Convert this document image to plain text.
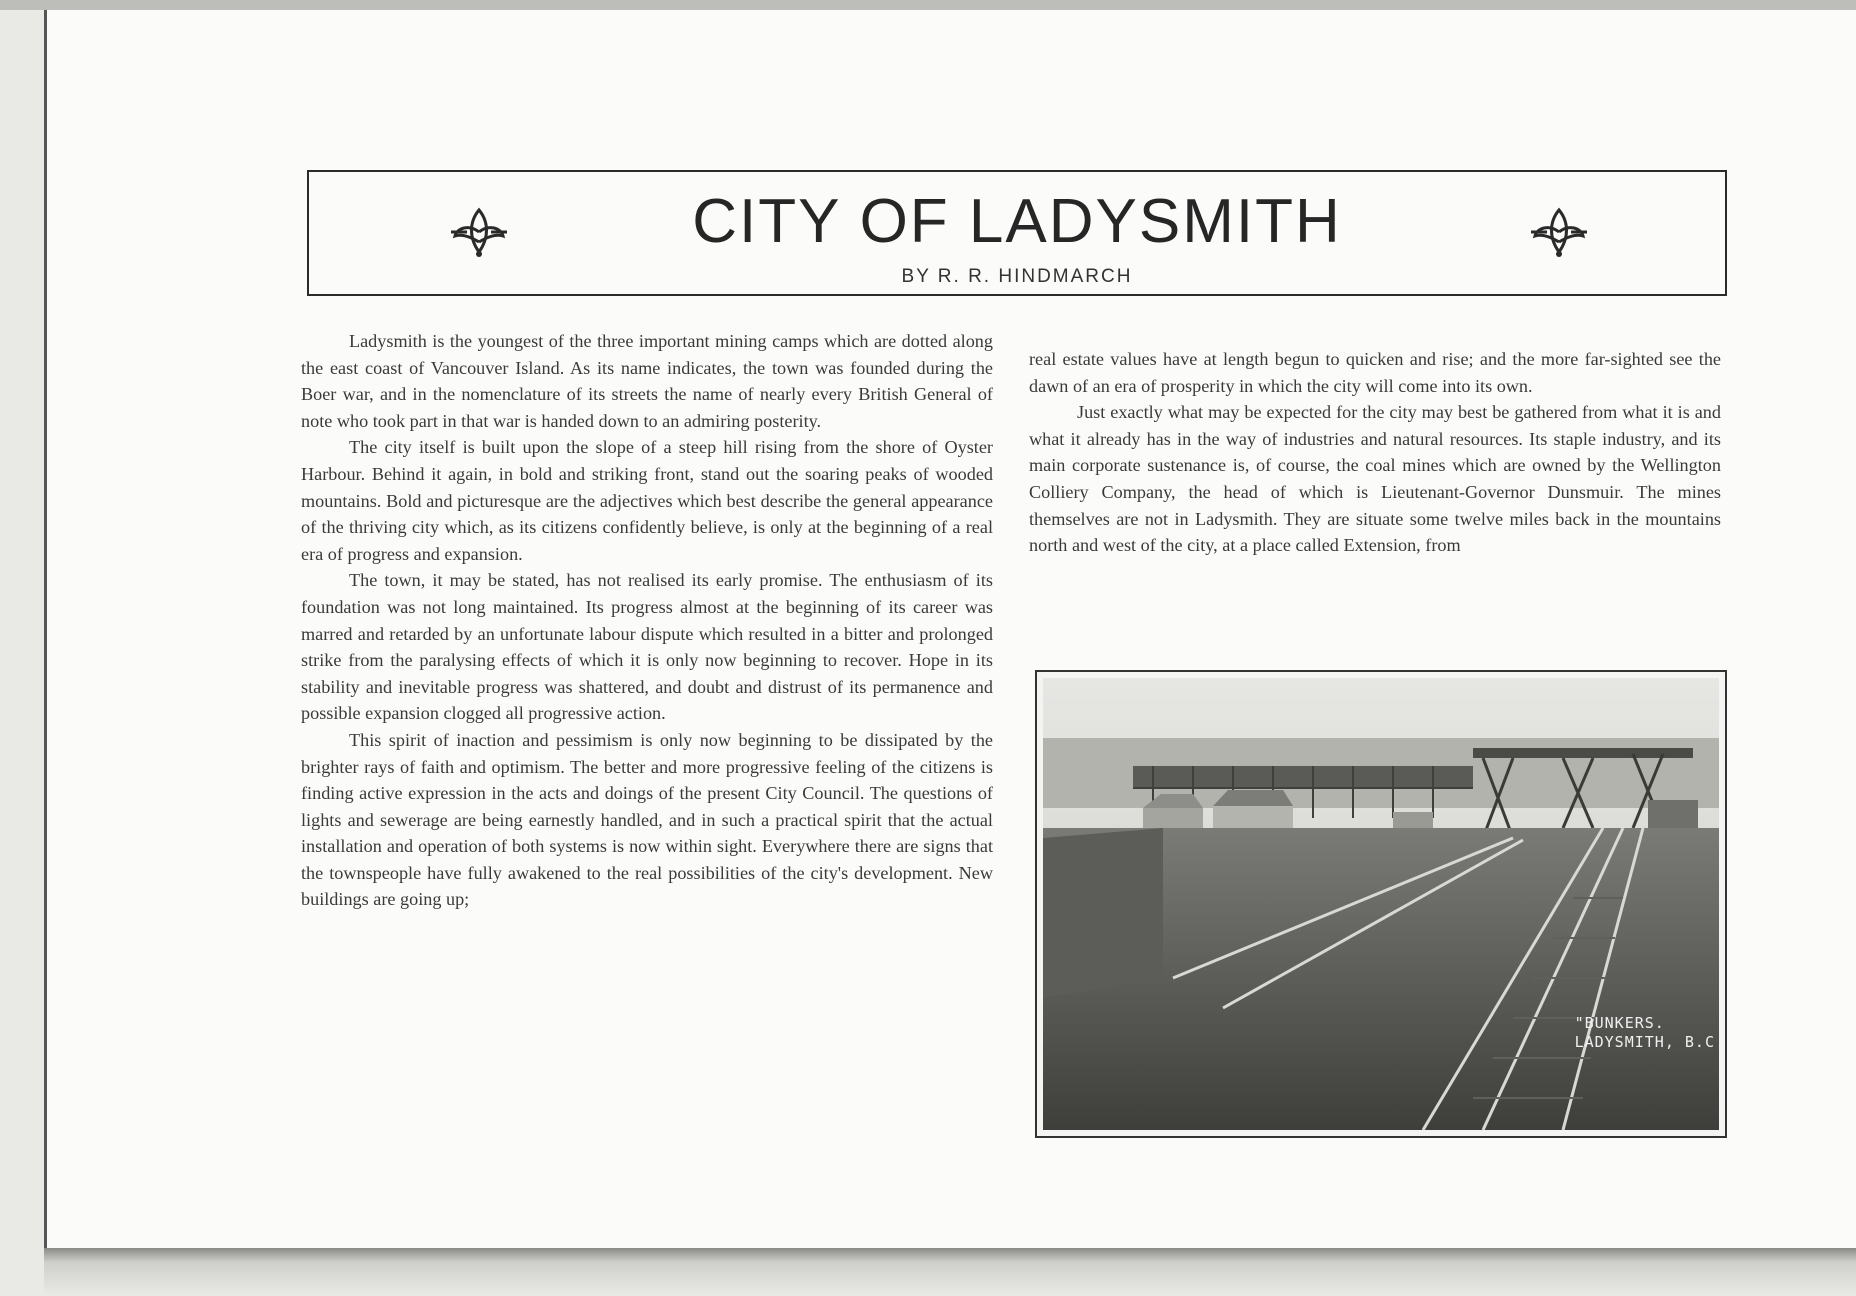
CITY OF LADYSMITH
BY R. R. HINDMARCH

Ladysmith is the youngest of the three important mining camps which are dotted along the east coast of Vancouver Island. As its name indicates, the town was founded during the Boer war, and in the nomenclature of its streets the name of nearly every British General of note who took part in that war is handed down to an admiring posterity.

The city itself is built upon the slope of a steep hill rising from the shore of Oyster Harbour. Behind it again, in bold and striking front, stand out the soaring peaks of wooded mountains. Bold and picturesque are the adjectives which best describe the general appearance of the thriving city which, as its citizens confidently believe, is only at the beginning of a real era of progress and expansion.

The town, it may be stated, has not realised its early promise. The enthusiasm of its foundation was not long maintained. Its progress almost at the beginning of its career was marred and retarded by an unfortunate labour dispute which resulted in a bitter and prolonged strike from the paralysing effects of which it is only now beginning to recover. Hope in its stability and inevitable progress was shattered, and doubt and distrust of its permanence and possible expansion clogged all progressive action.

This spirit of inaction and pessimism is only now beginning to be dissipated by the brighter rays of faith and optimism. The better and more progressive feeling of the citizens is finding active expression in the acts and doings of the present City Council. The questions of lights and sewerage are being earnestly handled, and in such a practical spirit that the actual installation and operation of both systems is now within sight. Everywhere there are signs that the townspeople have fully awakened to the real possibilities of the city's development. New buildings are going up;

real estate values have at length begun to quicken and rise; and the more far-sighted see the dawn of an era of prosperity in which the city will come into its own.

Just exactly what may be expected for the city may best be gathered from what it is and what it already has in the way of industries and natural resources. Its staple industry, and its main corporate sustenance is, of course, the coal mines which are owned by the Wellington Colliery Company, the head of which is Lieutenant-Governor Dunsmuir. The mines themselves are not in Ladysmith. They are situate some twelve miles back in the mountains north and west of the city, at a place called Extension, from

"BUNKERS.
LADYSMITH, B.C
